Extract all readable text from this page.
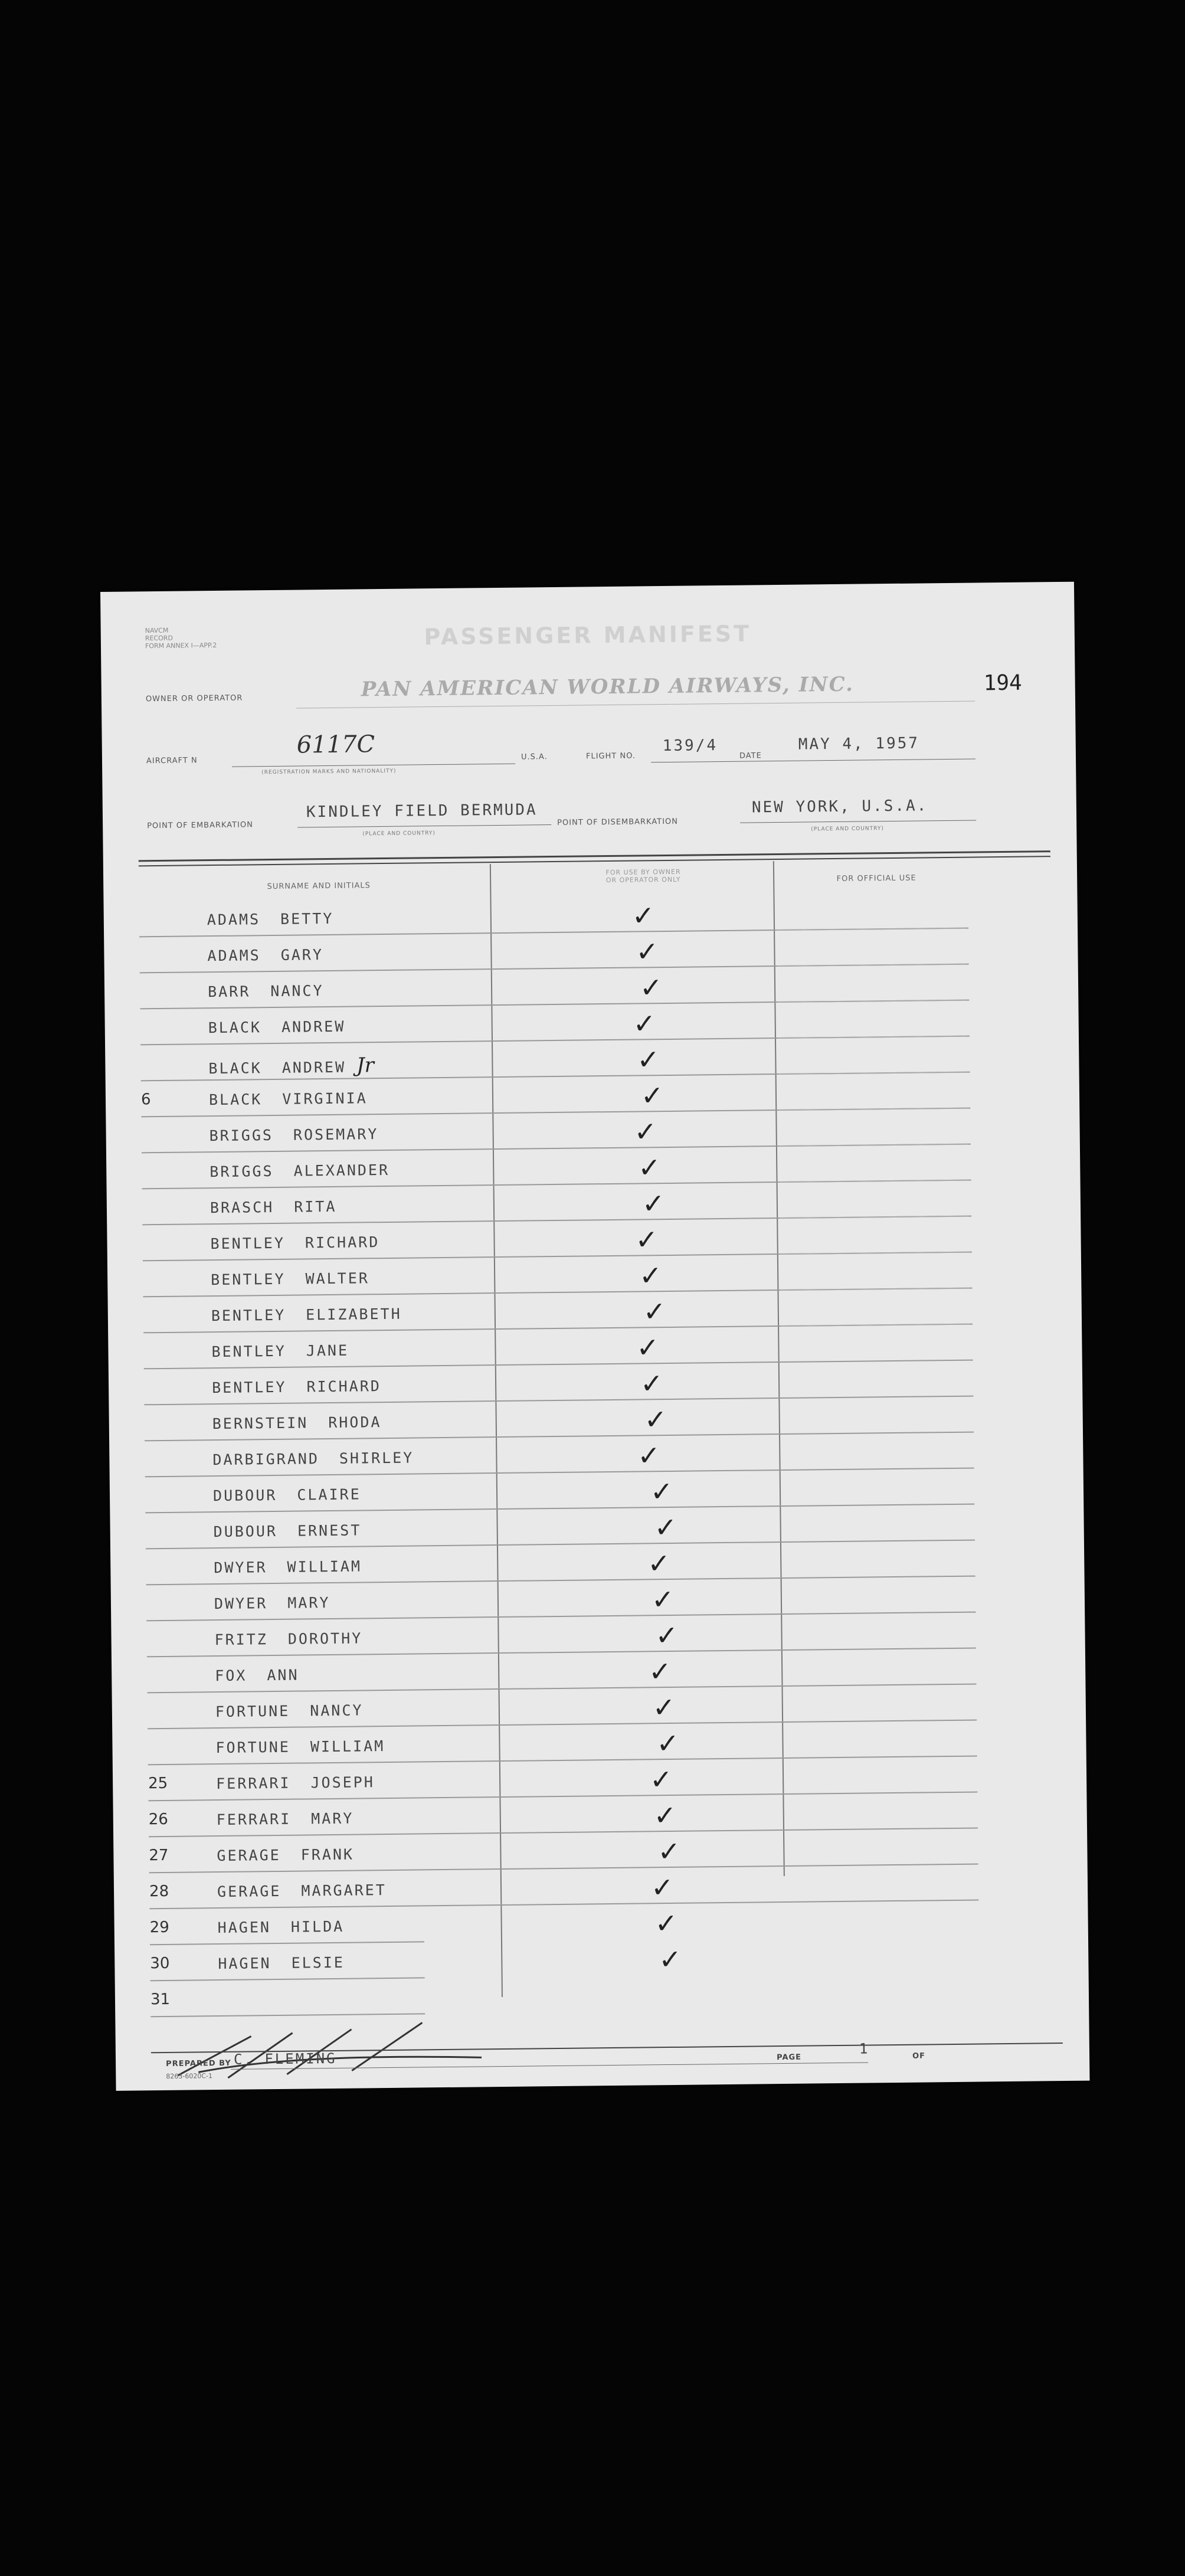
NAVCM
RECORD
FORM ANNEX I—APP.2	PASSENGER MANIFEST
194
OWNER OR OPERATOR	PAN AMERICAN WORLD AIRWAYS, INC.
AIRCRAFT N
6117C
(REGISTRATION MARKS AND NATIONALITY)
U.S.A.	FLIGHT NO.
139/4
DATE
MAY 4, 1957
POINT OF EMBARKATION
KINDLEY FIELD BERMUDA
(PLACE AND COUNTRY)
POINT OF DISEMBARKATION
NEW YORK, U.S.A.
(PLACE AND COUNTRY)
SURNAME AND INITIALS
FOR USE BY OWNER
OR OPERATOR ONLY	FOR OFFICIAL USE
ADAMS BETTY	✓
ADAMS GARY	✓
BARR NANCY	✓
BLACK ANDREW	✓
BLACK ANDREW Jr	✓
6	BLACK VIRGINIA	✓
BRIGGS ROSEMARY	✓
BRIGGS ALEXANDER	✓
BRASCH RITA	✓
BENTLEY RICHARD	✓
BENTLEY WALTER	✓
BENTLEY ELIZABETH	✓
BENTLEY JANE	✓
BENTLEY RICHARD	✓
BERNSTEIN RHODA	✓
DARBIGRAND SHIRLEY	✓
DUBOUR CLAIRE	✓
DUBOUR ERNEST	✓
DWYER WILLIAM	✓
DWYER MARY	✓
FRITZ DOROTHY	✓
FOX ANN	✓
FORTUNE NANCY	✓
FORTUNE WILLIAM	✓
25	FERRARI JOSEPH	✓
26	FERRARI MARY	✓
27	GERAGE FRANK	✓
28	GERAGE MARGARET	✓
29	HAGEN HILDA	✓
30	HAGEN ELSIE	✓
31
PREPARED BY C. FLEMING	PAGE
1	OF
8263-6020C-1
